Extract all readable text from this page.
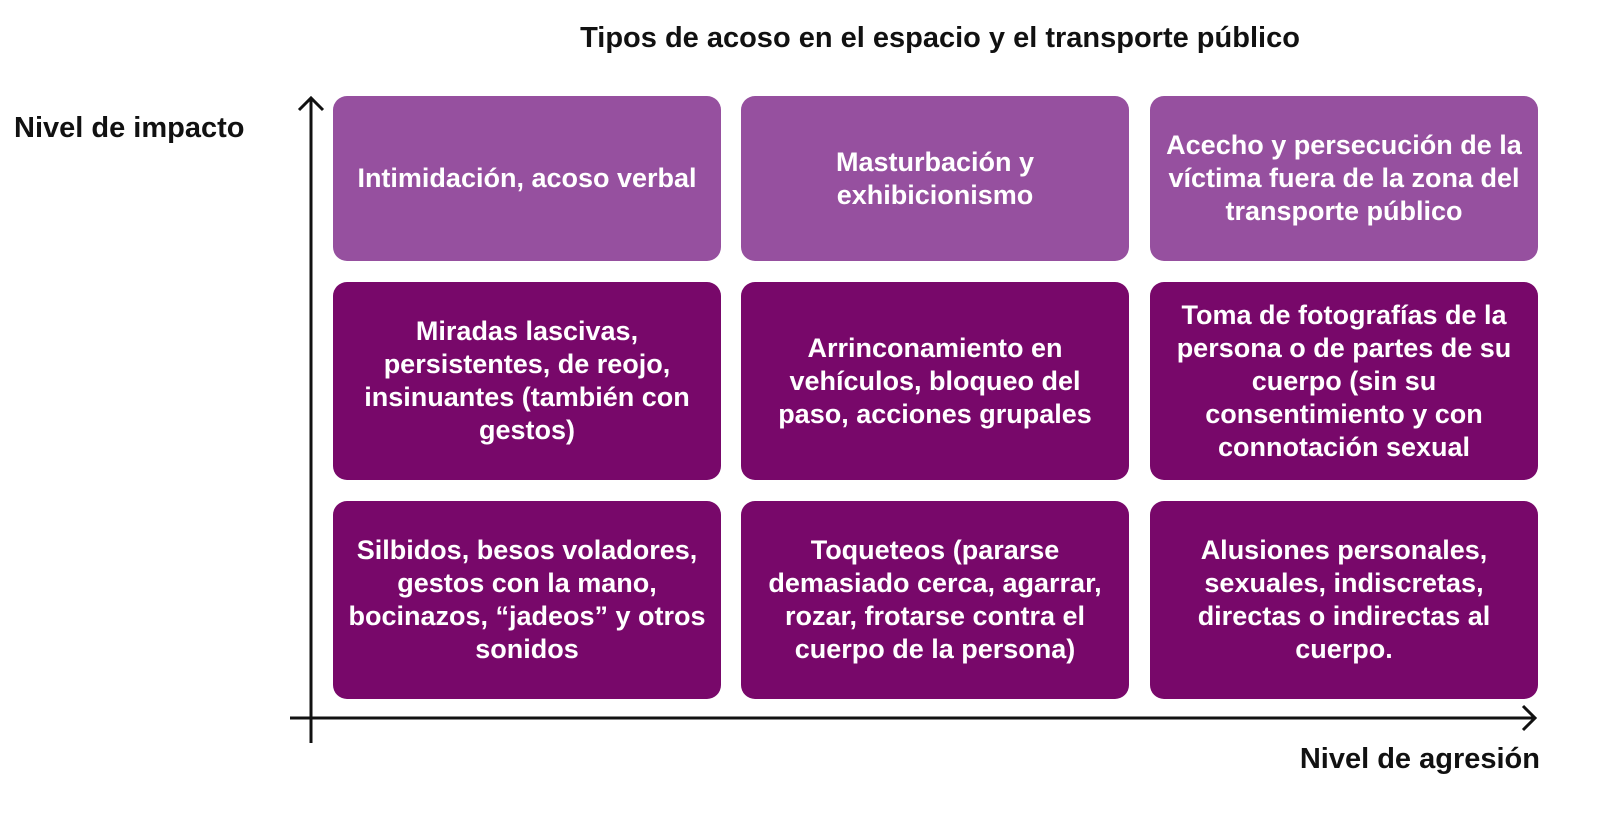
Tipos de acoso en el espacio y el transporte público
Nivel de impacto
Nivel de agresión
Intimidación, acoso verbal
Masturbación y exhibicionismo
Acecho y persecución de la víctima fuera de la zona del transporte público
Miradas lascivas, persistentes, de reojo, insinuantes (también con gestos)
Arrinconamiento en vehículos, bloqueo del paso, acciones grupales
Toma de fotografías de la persona o de partes de su cuerpo (sin su consentimiento y con connotación sexual
Silbidos, besos voladores, gestos con la mano, bocinazos, “jadeos” y otros sonidos
Toqueteos (pararse demasiado cerca, agarrar, rozar, frotarse contra el cuerpo de la persona)
Alusiones personales, sexuales, indiscretas, directas o indirectas al cuerpo.
